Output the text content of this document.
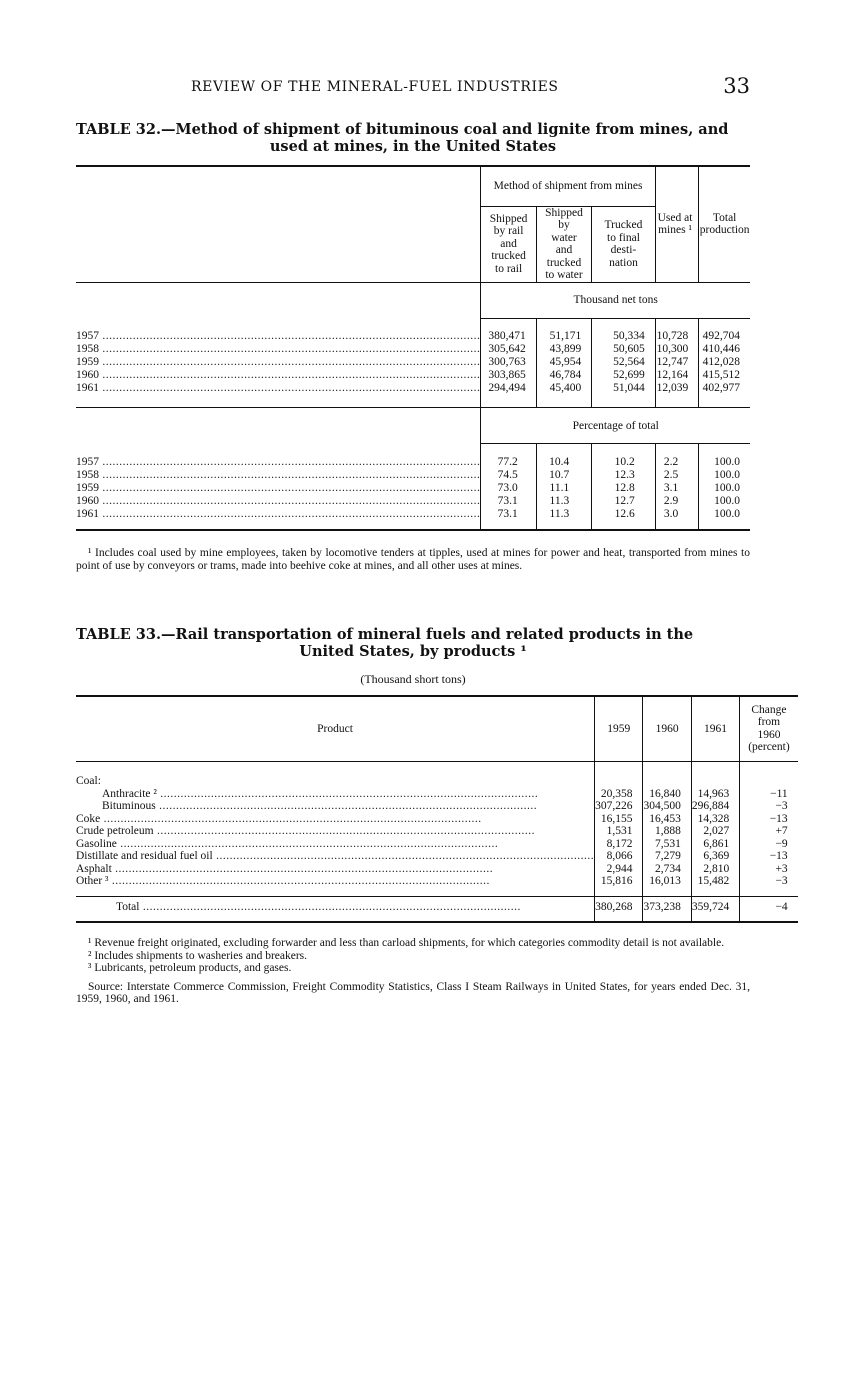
REVIEW OF THE MINERAL-FUEL INDUSTRIES	33
TABLE 32.—Method of shipment of bituminous coal and lignite from mines, and
used at mines, in the United States
	Method of shipment from mines			Used at mines ¹	Total production
	Shipped by rail and trucked to rail	Shipped by water and trucked to water	Trucked to final desti-nation		
	Thousand net tons				

1957 .....	380,471	51,171	50,334	10,728	492,704
1958 .....	305,642	43,899	50,605	10,300	410,446
1959 .....	300,763	45,954	52,564	12,747	412,028
1960 .....	303,865	46,784	52,699	12,164	415,512
1961 .....	294,494	45,400	51,044	12,039	402,977

	Percentage of total				

1957 .....	77.2	10.4	10.2	2.2	100.0
1958 .....	74.5	10.7	12.3	2.5	100.0
1959 .....	73.0	11.1	12.8	3.1	100.0
1960 .....	73.1	11.3	12.7	2.9	100.0
1961 .....	73.1	11.3	12.6	3.0	100.0

¹ Includes coal used by mine employees, taken by locomotive tenders at tipples, used at mines for power and heat, transported from mines to point of use by conveyors or trams, made into beehive coke at mines, and all other uses at mines.

TABLE 33.—Rail transportation of mineral fuels and related products in the
United States, by products ¹
(Thousand short tons)
Product	1959	1960	1961	Change from 1960 (percent)

Coal:				
Anthracite ² .....	20,358	16,840	14,963	−11
Bituminous .....	307,226	304,500	296,884	−3
Coke .....	16,155	16,453	14,328	−13
Crude petroleum .....	1,531	1,888	2,027	+7
Gasoline .....	8,172	7,531	6,861	−9
Distillate and residual fuel oil .....	8,066	7,279	6,369	−13
Asphalt .....	2,944	2,734	2,810	+3
Other ³ .....	15,816	16,013	15,482	−3

Total .....	380,268	373,238	359,724	−4

¹ Revenue freight originated, excluding forwarder and less than carload shipments, for which categories commodity detail is not available.

² Includes shipments to washeries and breakers.

³ Lubricants, petroleum products, and gases.

Source: Interstate Commerce Commission, Freight Commodity Statistics, Class I Steam Railways in United States, for years ended Dec. 31, 1959, 1960, and 1961.
